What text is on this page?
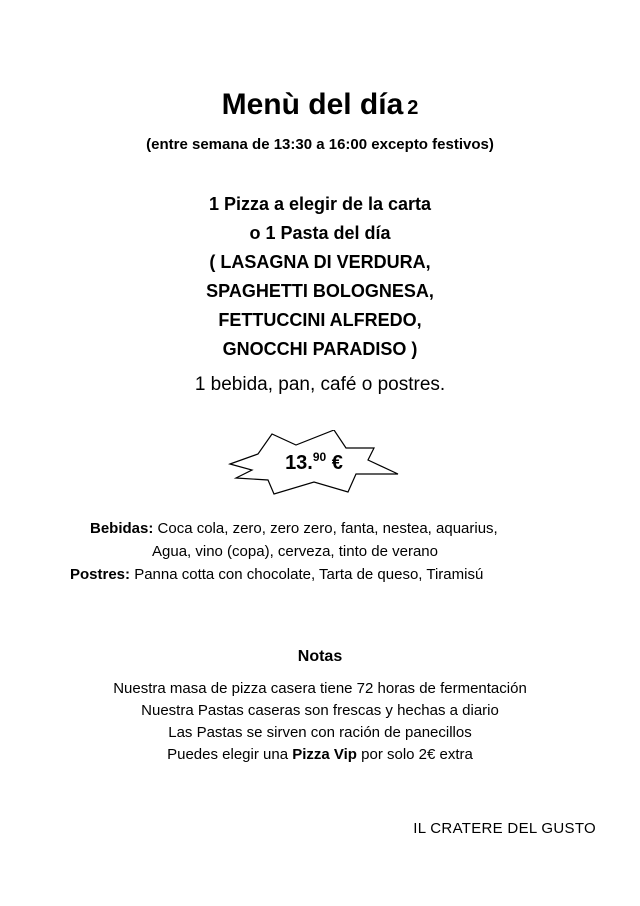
Menù del día 2
(entre semana de 13:30 a 16:00 excepto festivos)
1 Pizza a elegir de la carta
o 1 Pasta del día
( LASAGNA DI VERDURA,
SPAGHETTI BOLOGNESA,
FETTUCCINI ALFREDO,
GNOCCHI PARADISO )
1 bebida, pan, café o postres.
13.90 €
Bebidas: Coca cola, zero, zero zero, fanta, nestea, aquarius,
Agua, vino (copa), cerveza, tinto de verano
Postres: Panna cotta con chocolate, Tarta de queso, Tiramisú
Notas
Nuestra masa de pizza casera tiene 72 horas de fermentación
Nuestra Pastas caseras son frescas y hechas a diario
Las Pastas se sirven con ración de panecillos
Puedes elegir una Pizza Vip por solo 2€ extra
IL CRATERE DEL GUSTO
